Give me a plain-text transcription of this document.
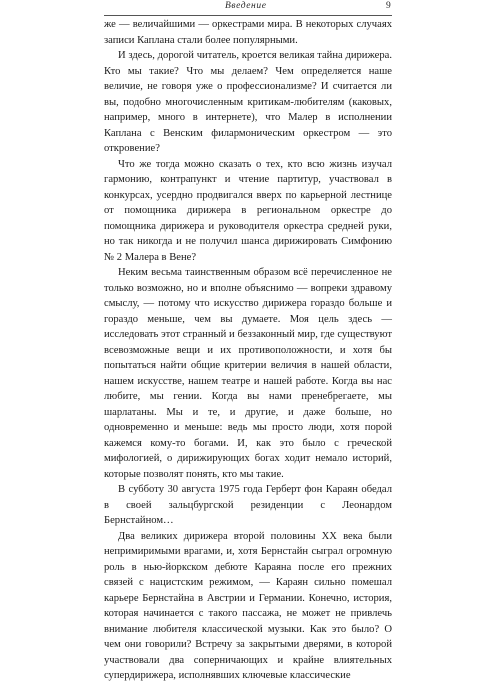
Введение	9

же — величайшими — оркестрами мира. В некоторых случаях записи Каплана стали более популярными.

И здесь, дорогой читатель, кроется великая тайна дирижера. Кто мы такие? Что мы делаем? Чем определяется наше величие, не говоря уже о профессионализме? И считается ли вы, подобно многочисленным критикам-любителям (каковых, например, много в интернете), что Малер в исполнении Каплана с Венским филармоническим оркестром — это откровение?

Что же тогда можно сказать о тех, кто всю жизнь изучал гармонию, контрапункт и чтение партитур, участвовал в конкурсах, усердно продвигался вверх по карьерной лестнице от помощника дирижера в региональном оркестре до помощника дирижера и руководителя оркестра средней руки, но так никогда и не получил шанса дирижировать Симфонию № 2 Малера в Вене?

Неким весьма таинственным образом всё перечисленное не только возможно, но и вполне объяснимо — вопреки здравому смыслу, — потому что искусство дирижера гораздо больше и гораздо меньше, чем вы думаете. Моя цель здесь — исследовать этот странный и беззаконный мир, где существуют всевозможные вещи и их противоположности, и хотя бы попытаться найти общие критерии величия в нашей области, нашем искусстве, нашем театре и нашей работе. Когда вы нас любите, мы гении. Когда вы нами пренебрегаете, мы шарлатаны. Мы и те, и другие, и даже больше, но одновременно и меньше: ведь мы просто люди, хотя порой кажемся кому-то богами. И, как это было с греческой мифологией, о дирижирующих богах ходит немало историй, которые позволят понять, кто мы такие.

В субботу 30 августа 1975 года Герберт фон Караян обедал в своей зальцбургской резиденции с Леонардом Бернстайном…

Два великих дирижера второй половины XX века были непримиримыми врагами, и, хотя Бернстайн сыграл огромную роль в нью-йоркском дебюте Караяна после его прежних связей с нацистским режимом, — Караян сильно помешал карьере Бернстайна в Австрии и Германии. Конечно, история, которая начинается с такого пассажа, не может не привлечь внимание любителя классической музыки. Как это было? О чем они говорили? Встречу за закрытыми дверями, в которой участвовали два соперничающих и крайне влиятельных супердирижера, исполнявших ключевые классические
